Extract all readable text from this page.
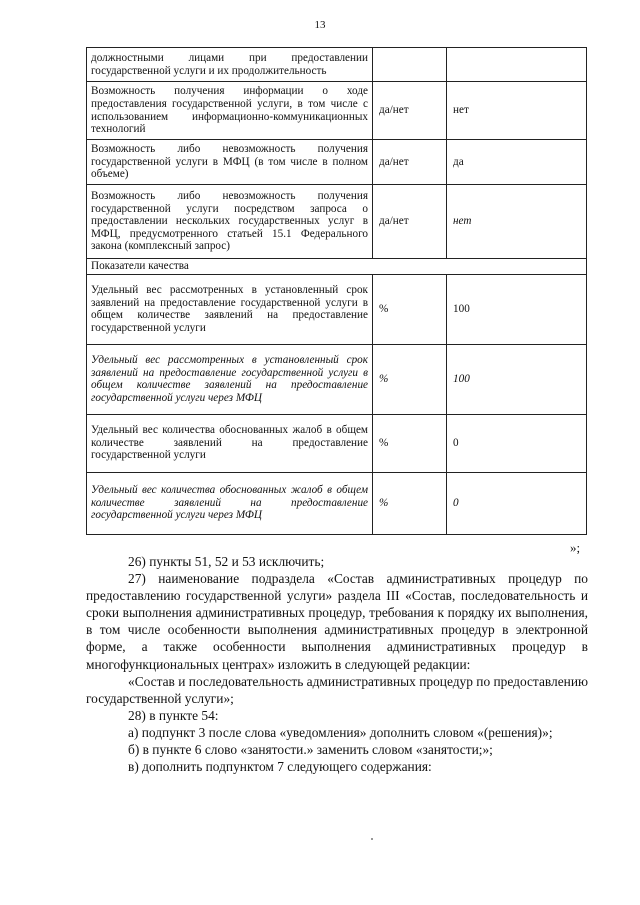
13
должностными лицами при предоставлении государственной услуги и их продолжительность		
Возможность получения информации о ходе предоставления государственной услуги, в том числе с использованием информационно-коммуникационных технологий	да/нет	нет
Возможность либо невозможность получения государственной услуги в МФЦ (в том числе в полном объеме)	да/нет	да
Возможность либо невозможность получения государственной услуги посредством запроса о предоставлении нескольких государственных услуг в МФЦ, предусмотренного статьей 15.1 Федерального закона (комплексный запрос)	да/нет	нет
Показатели качества		
Удельный вес рассмотренных в установленный срок заявлений на предоставление государственной услуги в общем количестве заявлений на предоставление государственной услуги	%	100
Удельный вес рассмотренных в установленный срок заявлений на предоставление государственной услуги в общем количестве заявлений на предоставление государственной услуги через МФЦ	%	100
Удельный вес количества обоснованных жалоб в общем количестве заявлений на предоставление государственной услуги	%	0
Удельный вес количества обоснованных жалоб в общем количестве заявлений на предоставление государственной услуги через МФЦ	%	0
»;

26) пункты 51, 52 и 53 исключить;

27) наименование подраздела «Состав административных процедур по предоставлению государственной услуги» раздела III «Состав, последовательность и сроки выполнения административных процедур, требования к порядку их выполнения, в том числе особенности выполнения административных процедур в электронной форме, а также особенности выполнения административных процедур в многофункциональных центрах» изложить в следующей редакции:

«Состав и последовательность административных процедур по предоставлению государственной услуги»;

28) в пункте 54:

а) подпункт 3 после слова «уведомления» дополнить словом «(решения)»;

б) в пункте 6 слово «занятости.» заменить словом «занятости;»;

в) дополнить подпунктом 7 следующего содержания:
